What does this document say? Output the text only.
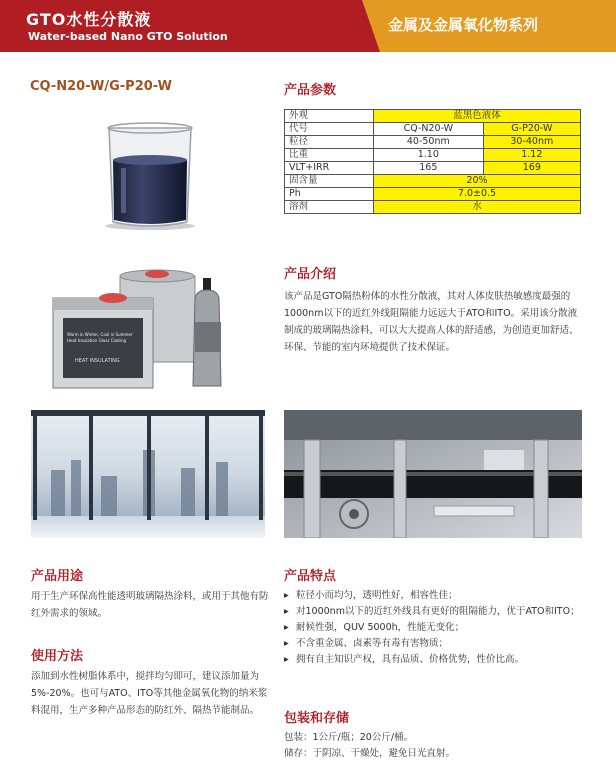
GTO水性分散液
Water-based Nano GTO Solution
金属及金属氧化物系列
CQ-N20-W/G-P20-W
Warm in Winter, Cool in Summer
Heat Insulation Glass Coating
HEAT INSULATING
产品参数
外观	蓝黑色液体	
代号	CQ-N20-W	G-P20-W
粒径	40-50nm	30-40nm
比重	1.10	1.12
VLT+IRR	165	169
固含量	20%	
Ph	7.0±0.5	
溶剂	水	
产品介绍
该产品是GTO隔热粉体的水性分散液，其对人体皮肤热敏感度最强的1000nm以下的近红外线阻隔能力远远大于ATO和ITO。采用该分散液制成的玻璃隔热涂料，可以大大提高人体的舒适感，为创造更加舒适、环保、节能的室内环境提供了技术保证。
产品用途
用于生产环保高性能透明玻璃隔热涂料，或用于其他有防红外需求的领域。
使用方法
添加到水性树脂体系中，搅拌均匀即可，建议添加量为5%-20%。也可与ATO、ITO等其他金属氧化物的纳米浆料混用，生产多种产品形态的防红外、隔热节能制品。
产品特点
▸ 粒径小而均匀，透明性好，相容性佳；
▸ 对1000nm以下的近红外线具有更好的阻隔能力，优于ATO和ITO；
▸ 耐候性强，QUV 5000h，性能无变化；
▸ 不含重金属、卤素等有毒有害物质；
▸ 拥有自主知识产权，具有品质、价格优势，性价比高。
包装和存储
包装：1公斤/瓶；20公斤/桶。
储存：于阴凉、干燥处，避免日光直射。
